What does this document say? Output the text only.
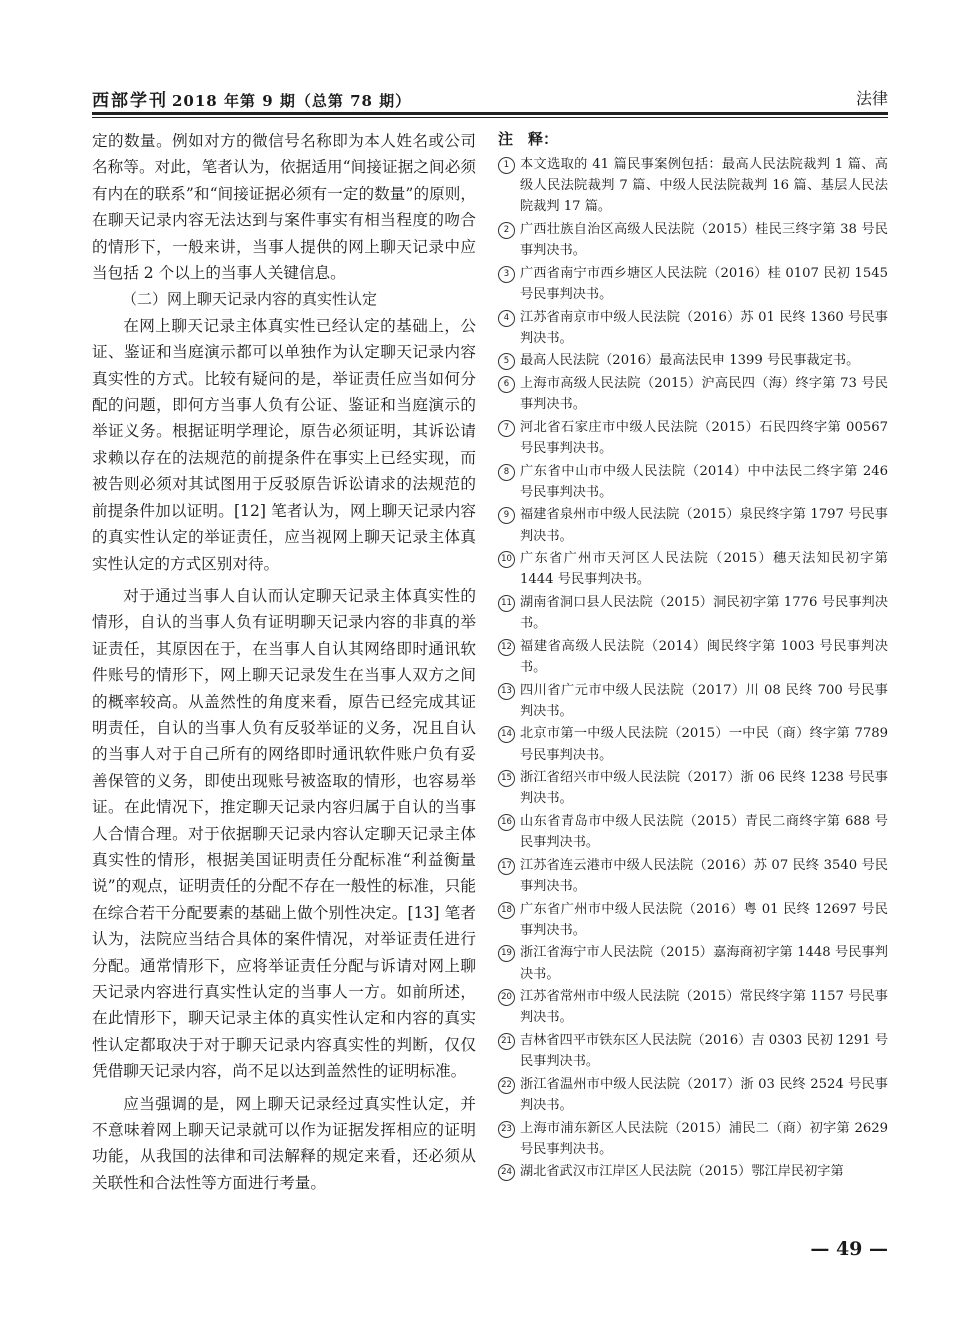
西部学刊 2018 年第 9 期（总第 78 期）	法律

定的数量。例如对方的微信号名称即为本人姓名或公司名称等。对此，笔者认为，依据适用“间接证据之间必须有内在的联系”和“间接证据必须有一定的数量”的原则，在聊天记录内容无法达到与案件事实有相当程度的吻合的情形下，一般来讲，当事人提供的网上聊天记录中应当包括 2 个以上的当事人关键信息。

（二）网上聊天记录内容的真实性认定

在网上聊天记录主体真实性已经认定的基础上，公证、鉴证和当庭演示都可以单独作为认定聊天记录内容真实性的方式。比较有疑问的是，举证责任应当如何分配的问题，即何方当事人负有公证、鉴证和当庭演示的举证义务。根据证明学理论，原告必须证明，其诉讼请求赖以存在的法规范的前提条件在事实上已经实现，而被告则必须对其试图用于反驳原告诉讼请求的法规范的前提条件加以证明。[12] 笔者认为，网上聊天记录内容的真实性认定的举证责任，应当视网上聊天记录主体真实性认定的方式区别对待。

对于通过当事人自认而认定聊天记录主体真实性的情形，自认的当事人负有证明聊天记录内容的非真的举证责任，其原因在于，在当事人自认其网络即时通讯软件账号的情形下，网上聊天记录发生在当事人双方之间的概率较高。从盖然性的角度来看，原告已经完成其证明责任，自认的当事人负有反驳举证的义务，况且自认的当事人对于自己所有的网络即时通讯软件账户负有妥善保管的义务，即使出现账号被盗取的情形，也容易举证。在此情况下，推定聊天记录内容归属于自认的当事人合情合理。对于依据聊天记录内容认定聊天记录主体真实性的情形，根据美国证明责任分配标准“利益衡量说”的观点，证明责任的分配不存在一般性的标准，只能在综合若干分配要素的基础上做个别性决定。[13] 笔者认为，法院应当结合具体的案件情况，对举证责任进行分配。通常情形下，应将举证责任分配与诉请对网上聊天记录内容进行真实性认定的当事人一方。如前所述，在此情形下，聊天记录主体的真实性认定和内容的真实性认定都取决于对于聊天记录内容真实性的判断，仅仅凭借聊天记录内容，尚不足以达到盖然性的证明标准。

应当强调的是，网上聊天记录经过真实性认定，并不意味着网上聊天记录就可以作为证据发挥相应的证明功能，从我国的法律和司法解释的规定来看，还必须从关联性和合法性等方面进行考量。

注　释：
1 本文选取的 41 篇民事案例包括：最高人民法院裁判 1 篇、高级人民法院裁判 7 篇、中级人民法院裁判 16 篇、基层人民法院裁判 17 篇。
2 广西壮族自治区高级人民法院（2015）桂民三终字第 38 号民事判决书。
3 广西省南宁市西乡塘区人民法院（2016）桂 0107 民初 1545 号民事判决书。
4 江苏省南京市中级人民法院（2016）苏 01 民终 1360 号民事判决书。
5 最高人民法院（2016）最高法民申 1399 号民事裁定书。
6 上海市高级人民法院（2015）沪高民四（海）终字第 73 号民事判决书。
7 河北省石家庄市中级人民法院（2015）石民四终字第 00567 号民事判决书。
8 广东省中山市中级人民法院（2014）中中法民二终字第 246 号民事判决书。
9 福建省泉州市中级人民法院（2015）泉民终字第 1797 号民事判决书。
10 广东省广州市天河区人民法院（2015）穗天法知民初字第 1444 号民事判决书。
11 湖南省洞口县人民法院（2015）洞民初字第 1776 号民事判决书。
12 福建省高级人民法院（2014）闽民终字第 1003 号民事判决书。
13 四川省广元市中级人民法院（2017）川 08 民终 700 号民事判决书。
14 北京市第一中级人民法院（2015）一中民（商）终字第 7789 号民事判决书。
15 浙江省绍兴市中级人民法院（2017）浙 06 民终 1238 号民事判决书。
16 山东省青岛市中级人民法院（2015）青民二商终字第 688 号民事判决书。
17 江苏省连云港市中级人民法院（2016）苏 07 民终 3540 号民事判决书。
18 广东省广州市中级人民法院（2016）粤 01 民终 12697 号民事判决书。
19 浙江省海宁市人民法院（2015）嘉海商初字第 1448 号民事判决书。
20 江苏省常州市中级人民法院（2015）常民终字第 1157 号民事判决书。
21 吉林省四平市铁东区人民法院（2016）吉 0303 民初 1291 号民事判决书。
22 浙江省温州市中级人民法院（2017）浙 03 民终 2524 号民事判决书。
23 上海市浦东新区人民法院（2015）浦民二（商）初字第 2629 号民事判决书。
24 湖北省武汉市江岸区人民法院（2015）鄂江岸民初字第
— 49 —
